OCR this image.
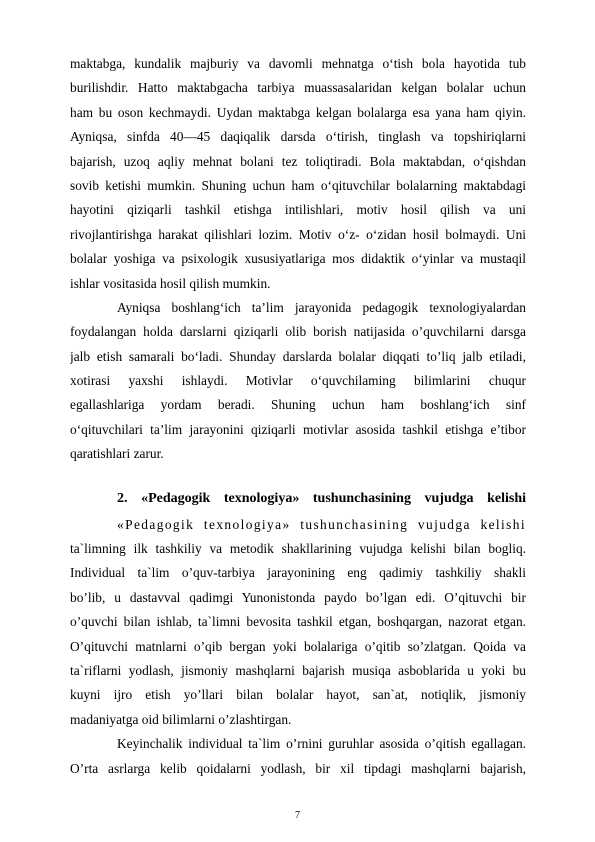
maktabga, kundalik majburiy va davomli mehnatga o‘tish bola hayotida tub
burilishdir. Hatto maktabgacha tarbiya muassasalaridan kelgan bolalar uchun
ham bu oson kechmaydi. Uydan maktabga kelgan bolalarga esa yana ham qiyin.
Ayniqsa, sinfda 40—45 daqiqalik darsda o‘tirish, tinglash va topshiriqlarni
bajarish, uzoq aqliy mehnat bolani tez toliqtiradi. Bola maktabdan, o‘qishdan
sovib ketishi mumkin. Shuning uchun ham o‘qituvchilar bolalarning maktabdagi
hayotini qiziqarli tashkil etishga intilishlari, motiv hosil qilish va uni
rivojlantirishga harakat qilishlari lozim. Motiv o‘z- o‘zidan hosil bolmaydi. Uni
bolalar yoshiga va psixologik xususiyatlariga mos didaktik o‘yinlar va mustaqil
ishlar vositasida hosil qilish mumkin.
Ayniqsa boshlang‘ich ta’lim jarayonida pedagogik texnologiyalardan
foydalangan holda darslarni qiziqarli olib borish natijasida o’quvchilarni darsga
jalb etish samarali bo‘ladi. Shunday darslarda bolalar diqqati toʼliq jalb etiladi,
xotirasi yaxshi ishlaydi. Motivlar o‘quvchilaming bilimlarini chuqur
egallashlariga yordam beradi. Shuning uchun ham boshlang‘ich sinf
o‘qituvchilari ta’lim jarayonini qiziqarli motivlar asosida tashkil etishga e’tibor
qaratishlari zarur.
2. «Pedagogik texnologiya» tushunchasining vujudga kelishi
«Pedagogik texnologiya» tushunchasining vujudga kelishi
ta`limning ilk tashkiliy va metodik shakllarining vujudga kelishi bilan bogliq.
Individual ta`lim o’quv-tarbiya jarayonining eng qadimiy tashkiliy shakli
bo’lib, u dastavval qadimgi Yunonistonda paydo bo’lgan edi. O’qituvchi bir
o’quvchi bilan ishlab, ta`limni bevosita tashkil etgan, boshqargan, nazorat etgan.
O’qituvchi matnlarni o’qib bergan yoki bolalariga o’qitib so’zlatgan. Qoida va
ta`riflarni yodlash, jismoniy mashqlarni bajarish musiqa asboblarida u yoki bu
kuyni ijro etish yo’llari bilan bolalar hayot, san`at, notiqlik, jismoniy
madaniyatga oid bilimlarni o’zlashtirgan.
Keyinchalik individual ta`lim o’rnini guruhlar asosida o’qitish egallagan.
O’rta asrlarga kelib qoidalarni yodlash, bir xil tipdagi mashqlarni bajarish,
7
